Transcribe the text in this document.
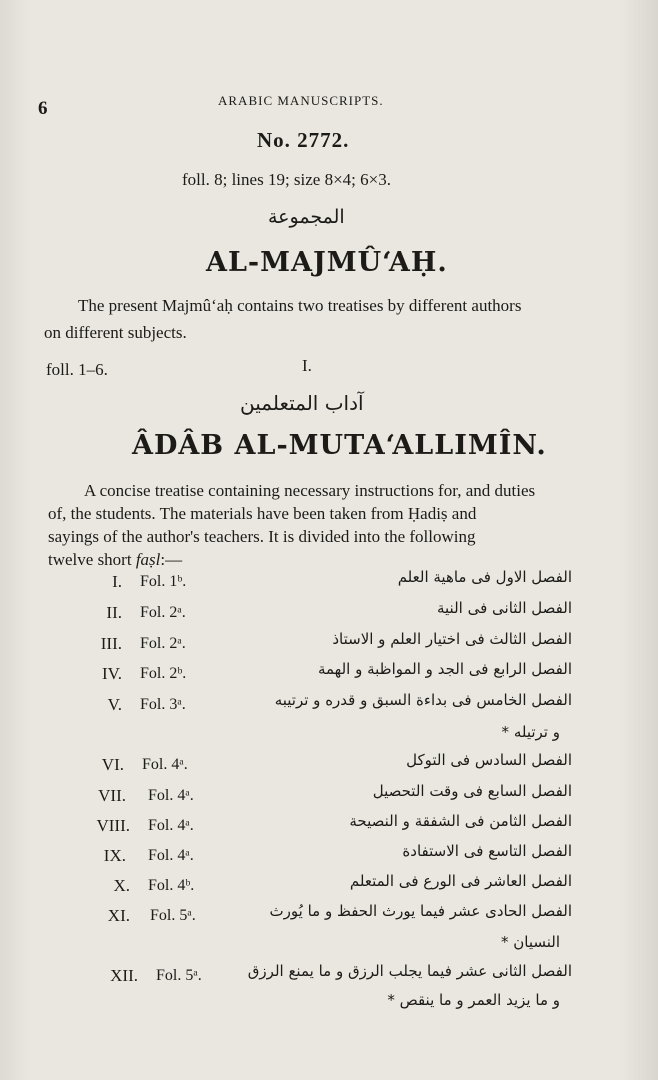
6	ARABIC MANUSCRIPTS.
No. 2772.
foll. 8; lines 19; size 8×4; 6×3.
المجموعة
AL-MAJMÛ‘AḤ.
The present Majmû‘aḥ contains two treatises by different authors
on different subjects.
foll. 1–6.	I.
آداب المتعلمين
ÂDÂB AL-MUTA‘ALLIMÎN.
A concise treatise containing necessary instructions for, and duties
of, the students. The materials have been taken from Ḥadiṣ and
sayings of the author's teachers. It is divided into the following
twelve short faṣl:—
I. Fol. 1ᵇ.	الفصل الاول فی ماهیة العلم
II. Fol. 2ᵃ.	الفصل الثانی فی النیة
III. Fol. 2ᵃ.	الفصل الثالث فی اختیار العلم و الاستاذ
IV. Fol. 2ᵇ.	الفصل الرابع فی الجد و المواظبة و الهمة
V. Fol. 3ᵃ.	الفصل الخامس فی بداءة السبق و قدره و ترتیبه
و ترتیله *
VI. Fol. 4ᵃ.	الفصل السادس فی التوکل
VII. Fol. 4ᵃ.	الفصل السابع فی وقت التحصیل
VIII. Fol. 4ᵃ.	الفصل الثامن فی الشفقة و النصیحة
IX. Fol. 4ᵃ.	الفصل التاسع فی الاستفادة
X. Fol. 4ᵇ.	الفصل العاشر فی الورع فی المتعلم
XI. Fol. 5ᵃ.	الفصل الحادی عشر فیما یورث الحفظ و ما یُورث
النسیان *
XII. Fol. 5ᵃ.	الفصل الثانی عشر فیما یجلب الرزق و ما یمنع الرزق
و ما یزید العمر و ما ینقص *
